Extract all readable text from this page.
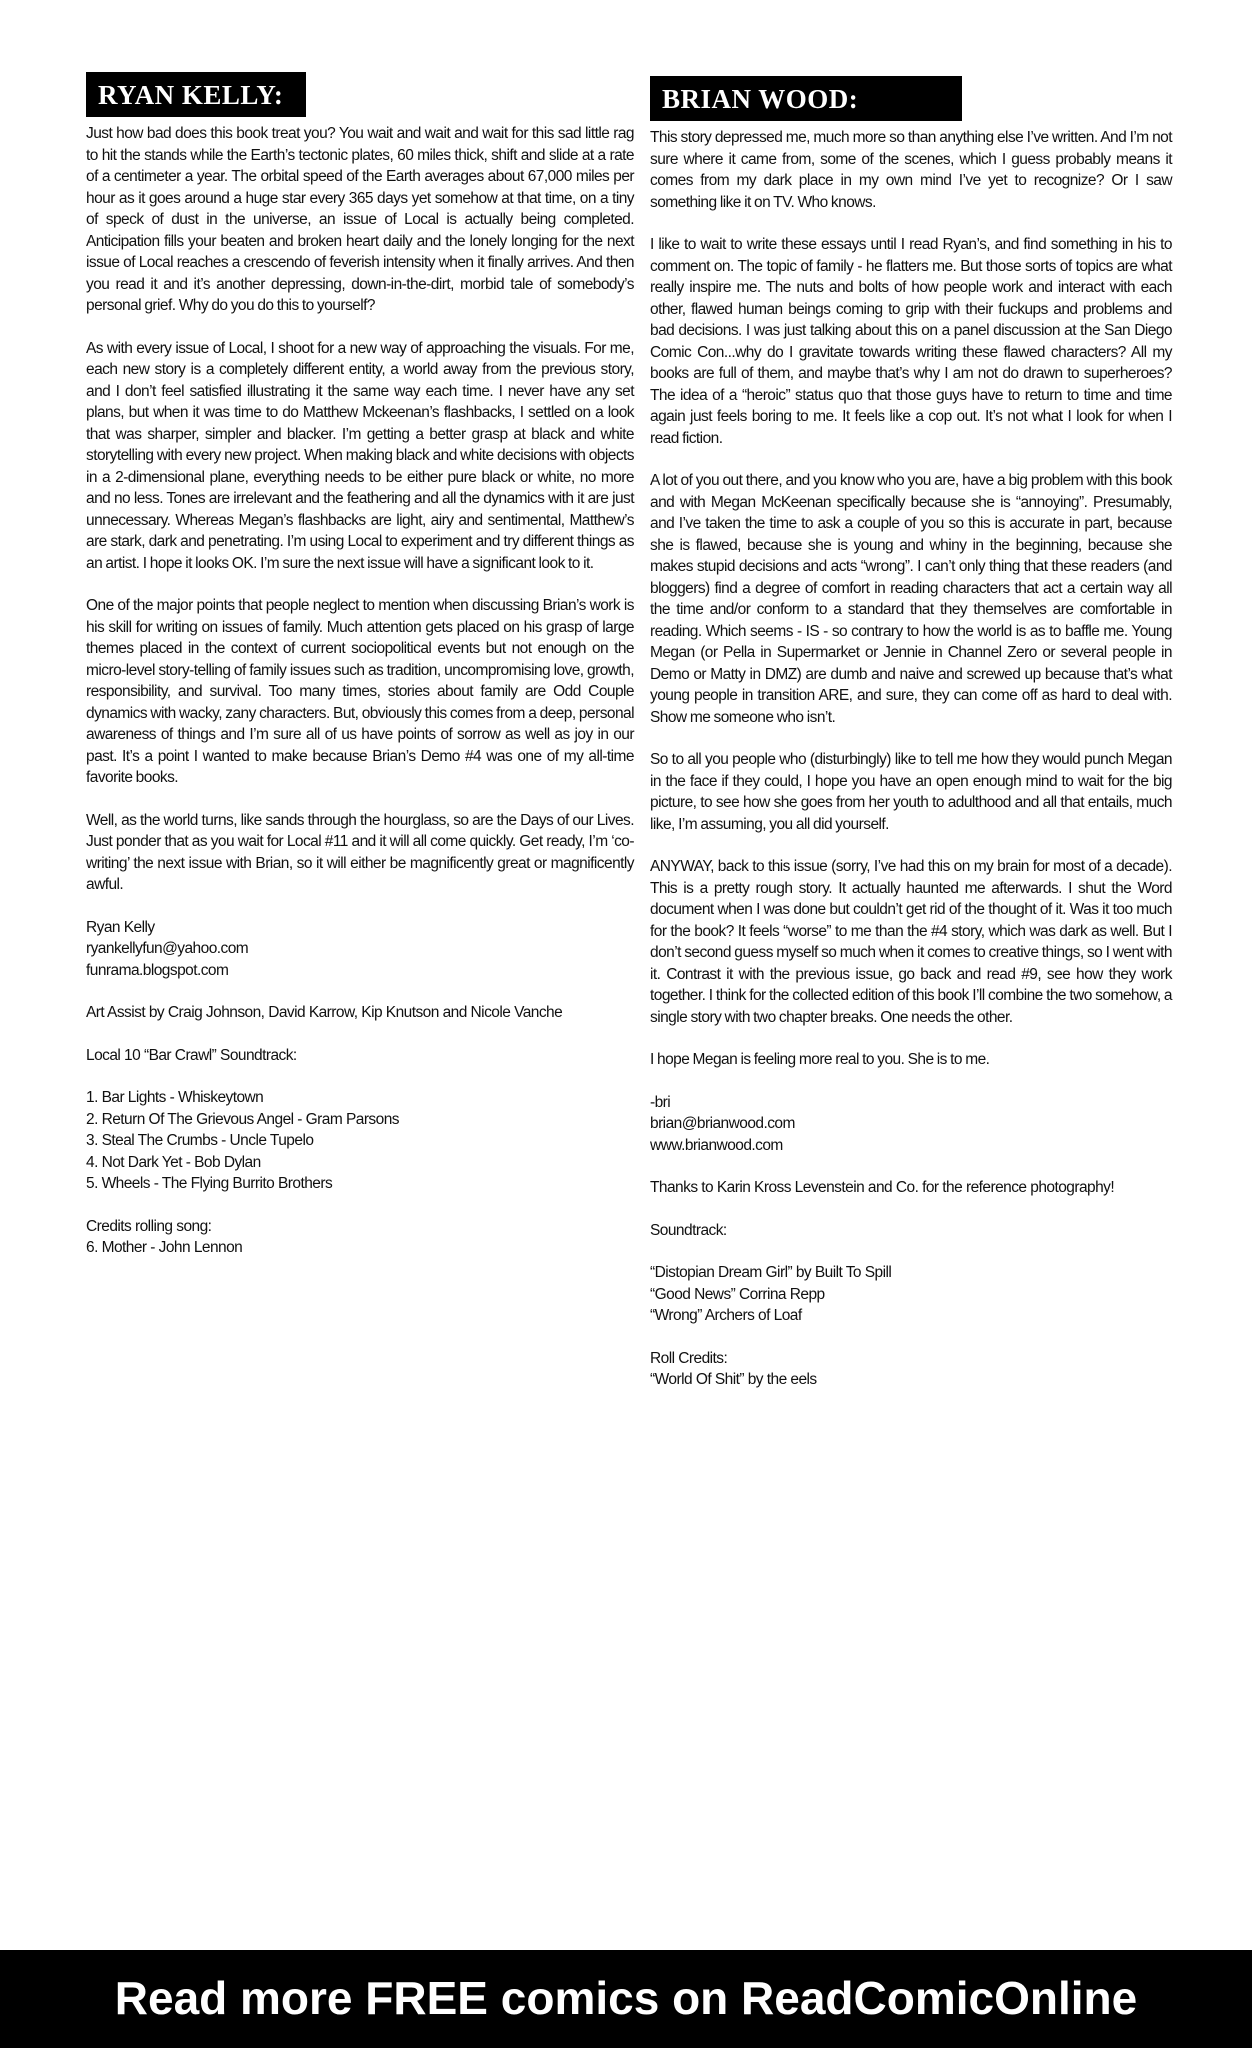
RYAN KELLY:

Just how bad does this book treat you? You wait and wait and wait for this sad little rag to hit the stands while the Earth’s tectonic plates, 60 miles thick, shift and slide at a rate of a centimeter a year. The orbital speed of the Earth averages about 67,000 miles per hour as it goes around a huge star every 365 days yet somehow at that time, on a tiny of speck of dust in the universe, an issue of Local is actually being completed. Anticipation fills your beaten and broken heart daily and the lonely longing for the next issue of Local reaches a crescendo of feverish intensity when it finally arrives. And then you read it and it’s another depressing, down-in-the-dirt, morbid tale of somebody’s personal grief. Why do you do this to yourself?

As with every issue of Local, I shoot for a new way of approaching the visuals. For me, each new story is a completely different entity, a world away from the previous story, and I don’t feel satisfied illustrating it the same way each time. I never have any set plans, but when it was time to do Matthew Mckeenan’s flashbacks, I settled on a look that was sharper, simpler and blacker. I’m getting a better grasp at black and white storytelling with every new project. When making black and white decisions with objects in a 2-dimensional plane, everything needs to be either pure black or white, no more and no less. Tones are irrelevant and the feathering and all the dynamics with it are just unnecessary. Whereas Megan’s flashbacks are light, airy and sentimental, Matthew’s are stark, dark and penetrating. I’m using Local to experiment and try different things as an artist. I hope it looks OK. I’m sure the next issue will have a significant look to it.

One of the major points that people neglect to mention when discussing Brian’s work is his skill for writing on issues of family. Much attention gets placed on his grasp of large themes placed in the context of current sociopolitical events but not enough on the micro-level story-telling of family issues such as tradition, uncompromising love, growth, responsibility, and survival. Too many times, stories about family are Odd Couple dynamics with wacky, zany characters. But, obviously this comes from a deep, personal awareness of things and I’m sure all of us have points of sorrow as well as joy in our past. It’s a point I wanted to make because Brian’s Demo #4 was one of my all-time favorite books.

Well, as the world turns, like sands through the hourglass, so are the Days of our Lives. Just ponder that as you wait for Local #11 and it will all come quickly. Get ready, I’m ‘co-writing’ the next issue with Brian, so it will either be magnificently great or magnificently awful.

Ryan Kelly
ryankellyfun@yahoo.com
funrama.blogspot.com
Art Assist by Craig Johnson, David Karrow, Kip Knutson and Nicole Vanche
Local 10 “Bar Crawl” Soundtrack:
1. Bar Lights - Whiskeytown
2. Return Of The Grievous Angel - Gram Parsons
3. Steal The Crumbs - Uncle Tupelo
4. Not Dark Yet - Bob Dylan
5. Wheels - The Flying Burrito Brothers
Credits rolling song:
6. Mother - John Lennon
BRIAN WOOD:

This story depressed me, much more so than anything else I’ve written. And I’m not sure where it came from, some of the scenes, which I guess probably means it comes from my dark place in my own mind I’ve yet to recognize? Or I saw something like it on TV. Who knows.

I like to wait to write these essays until I read Ryan’s, and find something in his to comment on. The topic of family - he flatters me. But those sorts of topics are what really inspire me. The nuts and bolts of how people work and interact with each other, flawed human beings coming to grip with their fuckups and problems and bad decisions. I was just talking about this on a panel discussion at the San Diego Comic Con...why do I gravitate towards writing these flawed characters? All my books are full of them, and maybe that’s why I am not do drawn to superheroes? The idea of a “heroic” status quo that those guys have to return to time and time again just feels boring to me. It feels like a cop out. It’s not what I look for when I read fiction.

A lot of you out there, and you know who you are, have a big problem with this book and with Megan McKeenan specifically because she is “annoying”. Presumably, and I’ve taken the time to ask a couple of you so this is accurate in part, because she is flawed, because she is young and whiny in the beginning, because she makes stupid decisions and acts “wrong”. I can’t only thing that these readers (and bloggers) find a degree of comfort in reading characters that act a certain way all the time and/or conform to a standard that they themselves are comfortable in reading. Which seems - IS - so contrary to how the world is as to baffle me. Young Megan (or Pella in Supermarket or Jennie in Channel Zero or several people in Demo or Matty in DMZ) are dumb and naive and screwed up because that’s what young people in transition ARE, and sure, they can come off as hard to deal with. Show me someone who isn’t.

So to all you people who (disturbingly) like to tell me how they would punch Megan in the face if they could, I hope you have an open enough mind to wait for the big picture, to see how she goes from her youth to adulthood and all that entails, much like, I’m assuming, you all did yourself.

ANYWAY, back to this issue (sorry, I’ve had this on my brain for most of a decade). This is a pretty rough story. It actually haunted me afterwards. I shut the Word document when I was done but couldn’t get rid of the thought of it. Was it too much for the book? It feels “worse” to me than the #4 story, which was dark as well. But I don’t second guess myself so much when it comes to creative things, so I went with it. Contrast it with the previous issue, go back and read #9, see how they work together. I think for the collected edition of this book I’ll combine the two somehow, a single story with two chapter breaks. One needs the other.

I hope Megan is feeling more real to you. She is to me.

-bri
brian@brianwood.com
www.brianwood.com
Thanks to Karin Kross Levenstein and Co. for the reference photography!
Soundtrack:
“Distopian Dream Girl” by Built To Spill
“Good News” Corrina Repp
“Wrong” Archers of Loaf
Roll Credits:
“World Of Shit” by the eels
Read more FREE comics on ReadComicOnline
